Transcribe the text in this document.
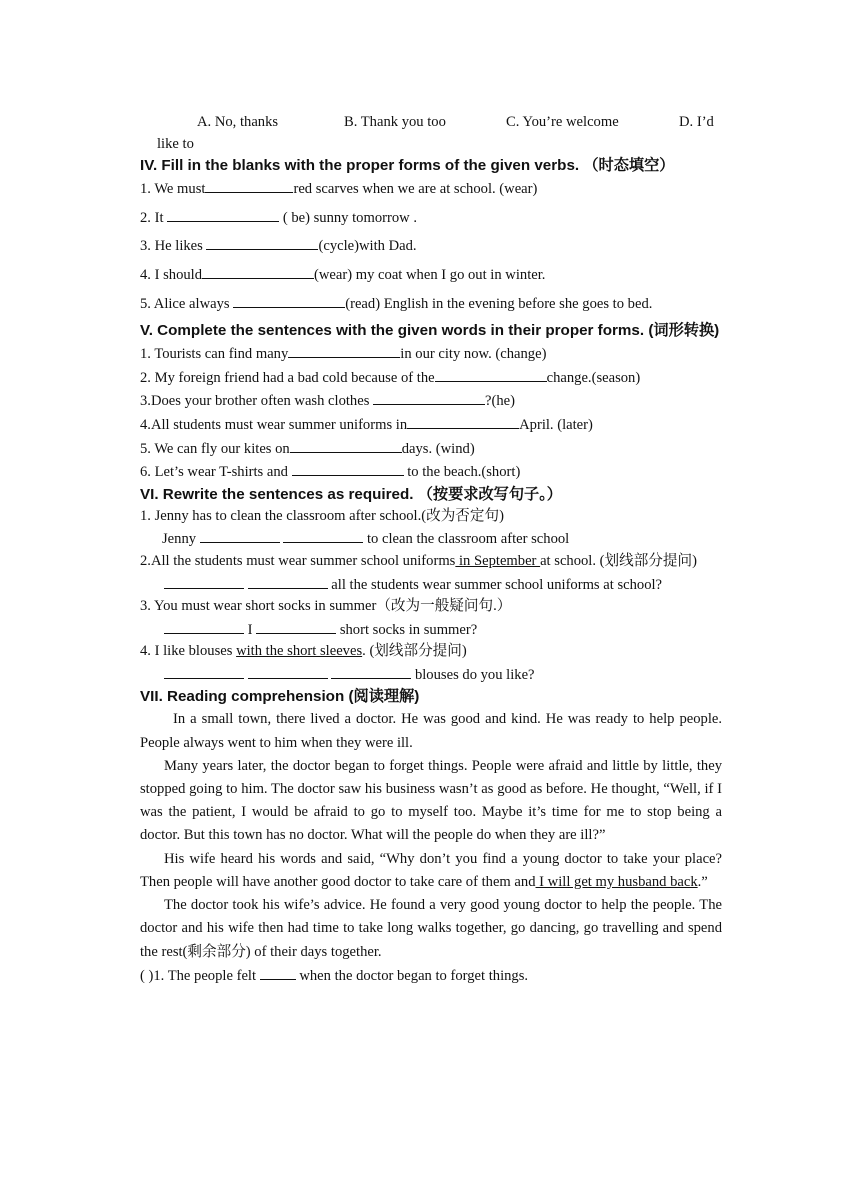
A. No, thanks	B. Thank you too	C. You’re welcome	D. I’d
like to
IV. Fill in the blanks with the proper forms of the given verbs. （时态填空）
1. We must	red scarves when we are at school. (wear)
2. It	( be) sunny tomorrow .
3. He likes	(cycle)with Dad.
4. I should	(wear) my coat when I go out in winter.
5. Alice always	(read) English in the evening before she goes to bed.
V. Complete the sentences with the given words in their proper forms. (词形转换)
1. Tourists can find many	in our city now. (change)
2. My foreign friend had a bad cold because of the	change.(season)
3.Does your brother often wash clothes	?(he)
4.All students must wear summer uniforms in	April. (later)
5. We can fly our kites on	days. (wind)
6. Let’s wear T-shirts and	to the beach.(short)
VI. Rewrite the sentences as required. （按要求改写句子。）
1. Jenny has to clean the classroom after school.(改为否定句)
Jenny	to clean the classroom after school
2.All the students must wear summer school uniforms in September at school. (划线部分提问)
all the students wear summer school uniforms at school?
3. You must wear short socks in summer（改为一般疑问句.）
I	short socks in summer?
4. I like blouses with the short sleeves. (划线部分提问)
blouses do you like?
VII. Reading comprehension (阅读理解)
In a small town, there lived a doctor. He was good and kind. He was ready to help people. People always went to him when they were ill.
Many years later, the doctor began to forget things. People were afraid and little by little, they stopped going to him. The doctor saw his business wasn’t as good as before. He thought, “Well, if I was the patient, I would be afraid to go to myself too. Maybe it’s time for me to stop being a doctor. But this town has no doctor. What will the people do when they are ill?”
His wife heard his words and said, “Why don’t you find a young doctor to take your place? Then people will have another good doctor to take care of them and I will get my husband back.”
The doctor took his wife’s advice. He found a very good young doctor to help the people. The doctor and his wife then had time to take long walks together, go dancing, go travelling and spend the rest(剩余部分) of their days together.
( )1. The people felt  when the doctor began to forget things.
